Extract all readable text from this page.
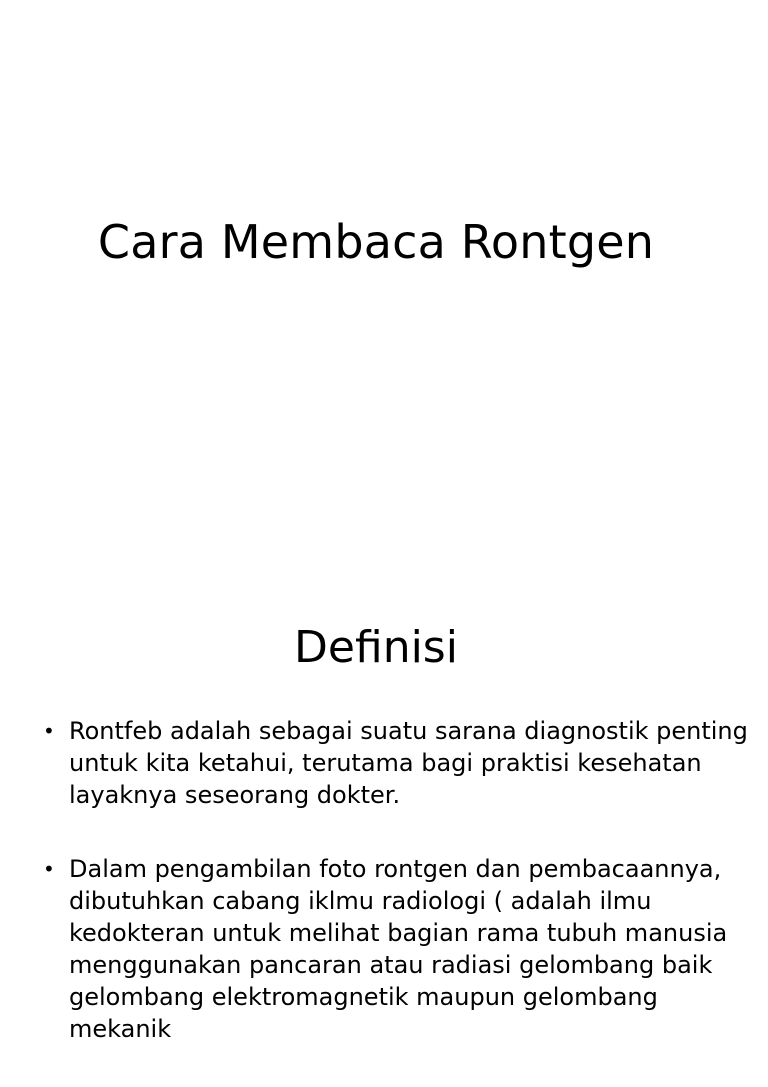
Cara Membaca Rontgen
Definisi
• Rontfeb adalah sebagai suatu sarana diagnostik penting untuk kita ketahui, terutama bagi praktisi kesehatan layaknya seseorang dokter.
• Dalam pengambilan foto rontgen dan pembacaannya, dibutuhkan cabang iklmu radiologi ( adalah ilmu kedokteran untuk melihat bagian rama tubuh manusia menggunakan pancaran atau radiasi gelombang baik gelombang elektromagnetik maupun gelombang mekanik
